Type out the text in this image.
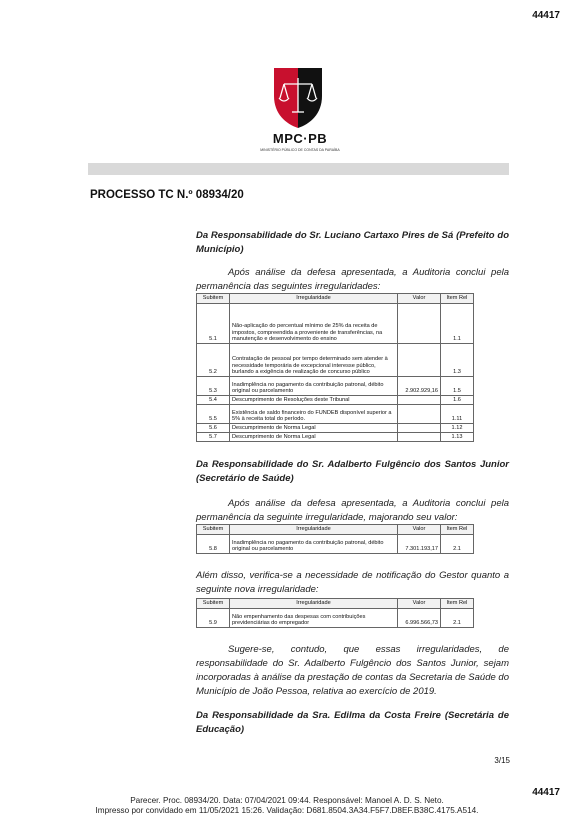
44417
MPC·PB
MINISTÉRIO PÚBLICO DE CONTAS DA PARAÍBA
PROCESSO TC N.º 08934/20
Da Responsabilidade do Sr. Luciano Cartaxo Pires de Sá (Prefeito do Município)
Após análise da defesa apresentada, a Auditoria conclui pela permanência das seguintes irregularidades:
Subitem	Irregularidade	Valor	Item Rel
5.1	Não-aplicação do percentual mínimo de 25% da receita de impostos, compreendida a proveniente de transferências, na manutenção e desenvolvimento do ensino		1.1
5.2	Contratação de pessoal por tempo determinado sem atender à necessidade temporária de excepcional interesse público, burlando a exigência de realização de concurso público		1.3
5.3	Inadimplência no pagamento da contribuição patronal, débito original ou parcelamento	2.902.929,16	1.5
5.4	Descumprimento de Resoluções deste Tribunal		1.6
5.5	Existência de saldo financeiro do FUNDEB disponível superior a 5% à receita total do período.		1.11
5.6	Descumprimento de Norma Legal		1.12
5.7	Descumprimento de Norma Legal		1.13
Da Responsabilidade do Sr. Adalberto Fulgêncio dos Santos Junior (Secretário de Saúde)
Após análise da defesa apresentada, a Auditoria conclui pela permanência da seguinte irregularidade, majorando seu valor:
Subitem	Irregularidade	Valor	Item Rel
5.8	Inadimplência no pagamento da contribuição patronal, débito original ou parcelamento	7.301.193,17	2.1
Além disso, verifica-se a necessidade de notificação do Gestor quanto a seguinte nova irregularidade:
Subitem	Irregularidade	Valor	Item Rel
5.9	Não empenhamento das despesas com contribuições previdenciárias do empregador	6.996.566,73	2.1
Sugere-se, contudo, que essas irregularidades, de responsabilidade do Sr. Adalberto Fulgêncio dos Santos Junior, sejam incorporadas à análise da prestação de contas da Secretaria de Saúde do Município de João Pessoa, relativa ao exercício de 2019.
Da Responsabilidade da Sra. Edilma da Costa Freire (Secretária de Educação)
3/15
44417
Parecer. Proc. 08934/20. Data: 07/04/2021 09:44. Responsável: Manoel A. D. S. Neto.
Impresso por convidado em 11/05/2021 15:26. Validação: D681.8504.3A34.F5F7.D8EF.B38C.4175.A514.
